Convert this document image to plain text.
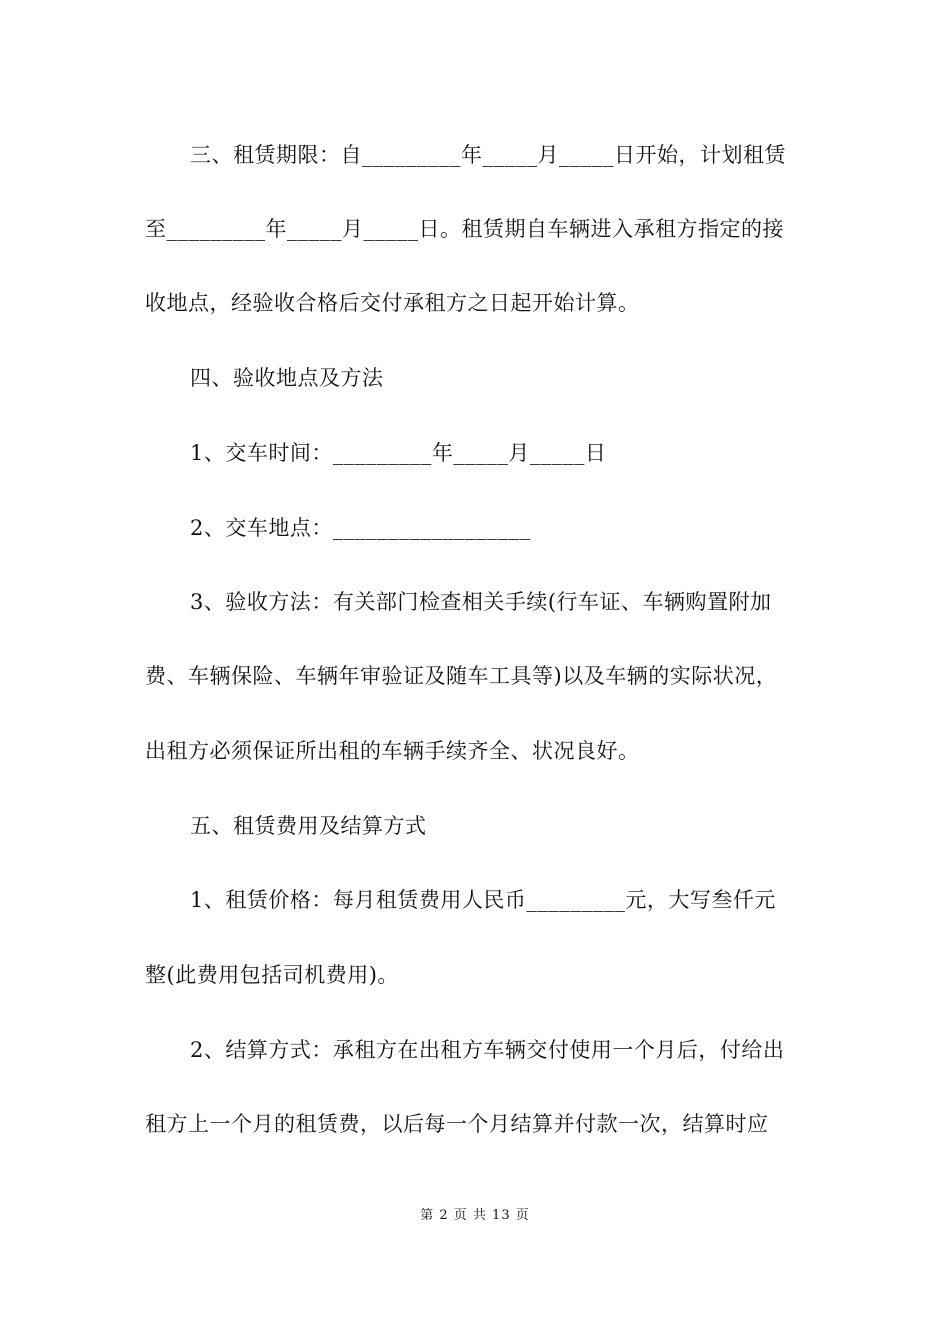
三、租赁期限：自_________年_____月_____日开始，计划租赁
至_________年_____月_____日。租赁期自车辆进入承租方指定的接
收地点，经验收合格后交付承租方之日起开始计算。
四、验收地点及方法
1、交车时间：_________年_____月_____日
2、交车地点：__________________
3、验收方法：有关部门检查相关手续(行车证、车辆购置附加
费、车辆保险、车辆年审验证及随车工具等)以及车辆的实际状况，
出租方必须保证所出租的车辆手续齐全、状况良好。
五、租赁费用及结算方式
1、租赁价格：每月租赁费用人民币_________元，大写叁仟元
整(此费用包括司机费用)。
2、结算方式：承租方在出租方车辆交付使用一个月后，付给出
租方上一个月的租赁费，以后每一个月结算并付款一次，结算时应
第 2 页 共 13 页
